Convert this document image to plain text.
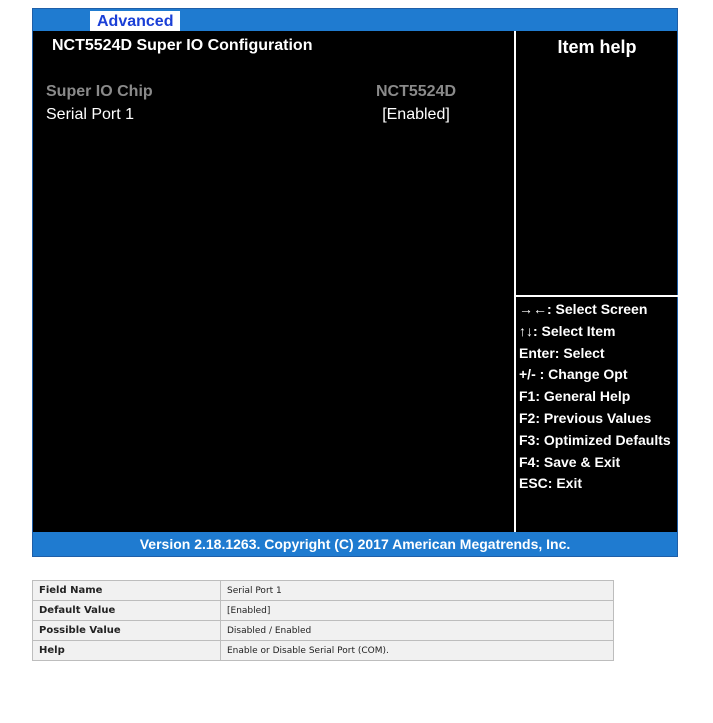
Advanced
NCT5524D Super IO Configuration	Item help
Super IO Chip	NCT5524D
Serial Port 1	[Enabled]
→←: Select Screen
↑↓: Select Item
Enter: Select
+/- : Change Opt
F1: General Help
F2: Previous Values
F3: Optimized Defaults
F4: Save & Exit
ESC: Exit
Version 2.18.1263. Copyright (C) 2017 American Megatrends, Inc.
Field Name	Serial Port 1
Default Value	[Enabled]
Possible Value	Disabled / Enabled
Help	Enable or Disable Serial Port (COM).
